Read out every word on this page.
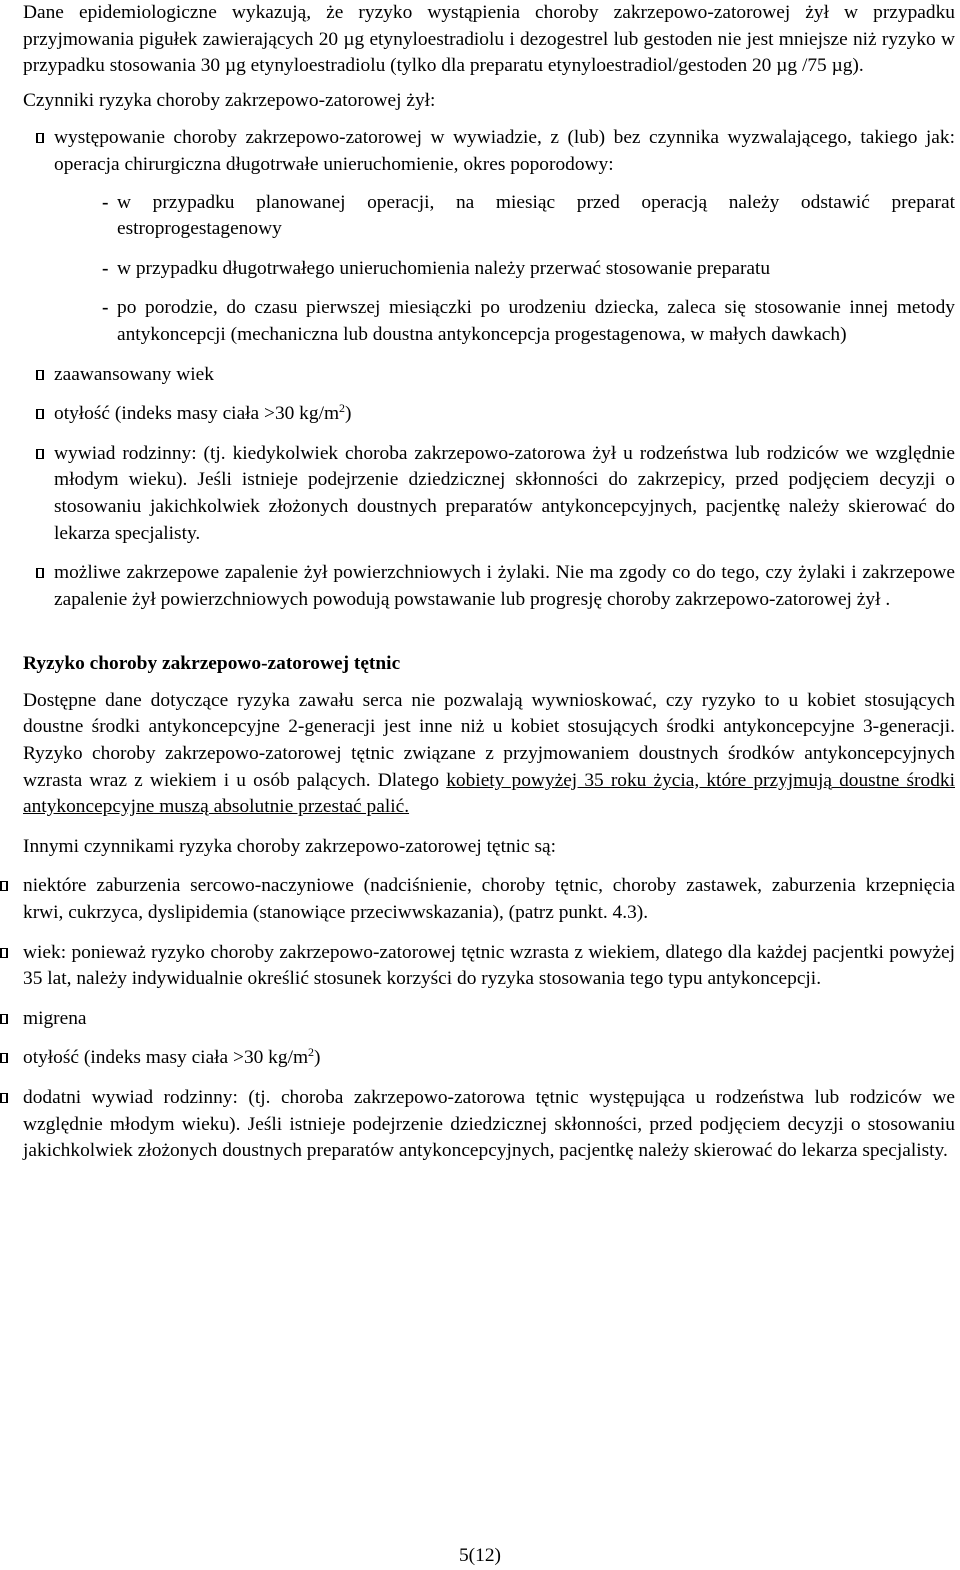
Dane epidemiologiczne wykazują, że ryzyko wystąpienia choroby zakrzepowo-zatorowej żył w przypadku przyjmowania pigułek zawierających 20 µg etynyloestradiolu i dezogestrel lub gestoden nie jest mniejsze niż ryzyko w przypadku stosowania 30 µg etynyloestradiolu (tylko dla preparatu etynyloestradiol/gestoden 20 µg /75 µg).

Czynniki ryzyka choroby zakrzepowo-zatorowej żył:

występowanie choroby zakrzepowo-zatorowej w wywiadzie, z (lub) bez czynnika wyzwalającego, takiego jak: operacja chirurgiczna długotrwałe unieruchomienie, okres poporodowy:
- w przypadku planowanej operacji, na miesiąc przed operacją należy odstawić preparat estroprogestagenowy
- w przypadku długotrwałego unieruchomienia należy przerwać stosowanie preparatu
- po porodzie, do czasu pierwszej miesiączki po urodzeniu dziecka, zaleca się stosowanie innej metody antykoncepcji (mechaniczna lub doustna antykoncepcja progestagenowa, w małych dawkach)
zaawansowany wiek
otyłość (indeks masy ciała >30 $kg/m^2$)
wywiad rodzinny: (tj. kiedykolwiek choroba zakrzepowo-zatorowa żył u rodzeństwa lub rodziców we względnie młodym wieku). Jeśli istnieje podejrzenie dziedzicznej skłonności do zakrzepicy, przed podjęciem decyzji o stosowaniu jakichkolwiek złożonych doustnych preparatów antykoncepcyjnych, pacjentkę należy skierować do lekarza specjalisty.
możliwe zakrzepowe zapalenie żył powierzchniowych i żylaki. Nie ma zgody co do tego, czy żylaki i zakrzepowe zapalenie żył powierzchniowych powodują powstawanie lub progresję choroby zakrzepowo-zatorowej żył .
Ryzyko choroby zakrzepowo-zatorowej tętnic

Dostępne dane dotyczące ryzyka zawału serca nie pozwalają wywnioskować, czy ryzyko to u kobiet stosujących doustne środki antykoncepcyjne 2-generacji jest inne niż u kobiet stosujących środki antykoncepcyjne 3-generacji. Ryzyko choroby zakrzepowo-zatorowej tętnic związane z przyjmowaniem doustnych środków antykoncepcyjnych wzrasta wraz z wiekiem i u osób palących. Dlatego kobiety powyżej 35 roku życia, które przyjmują doustne środki antykoncepcyjne muszą absolutnie przestać palić.

Innymi czynnikami ryzyka choroby zakrzepowo-zatorowej tętnic są:

niektóre zaburzenia sercowo-naczyniowe (nadciśnienie, choroby tętnic, choroby zastawek, zaburzenia krzepnięcia krwi, cukrzyca, dyslipidemia (stanowiące przeciwwskazania), (patrz punkt. 4.3).
wiek: ponieważ ryzyko choroby zakrzepowo-zatorowej tętnic wzrasta z wiekiem, dlatego dla każdej pacjentki powyżej 35 lat, należy indywidualnie określić stosunek korzyści do ryzyka stosowania tego typu antykoncepcji.
migrena
otyłość (indeks masy ciała >30 $kg/m^2$)
dodatni wywiad rodzinny: (tj. choroba zakrzepowo-zatorowa tętnic występująca u rodzeństwa lub rodziców we względnie młodym wieku). Jeśli istnieje podejrzenie dziedzicznej skłonności, przed podjęciem decyzji o stosowaniu jakichkolwiek złożonych doustnych preparatów antykoncepcyjnych, pacjentkę należy skierować do lekarza specjalisty.
5(12)
